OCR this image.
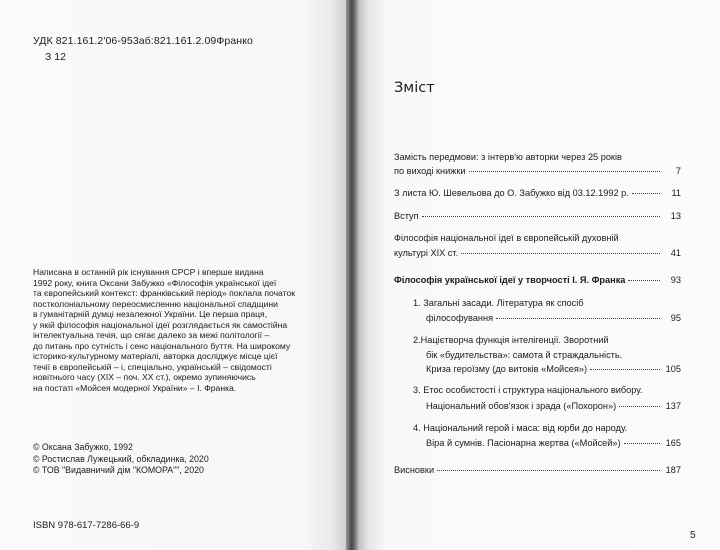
УДК 821.161.2'06-953аб:821.161.2.09Франко
З 12
Написана в останній рік існування СРСР і вперше видана
1992 року, книга Оксани Забужко «Філософія української ідеї
та європейський контекст: франківський період» поклала початок
постколоніальному переосмисленню національної спадщини
в гуманітарній думці незалежної України. Це перша праця,
у якій філософія національної ідеї розглядається як самостійна
інтелектуальна течія, що сягає далеко за межі політології –
до питань про сутність і сенс національного буття. На широкому
історико-культурному матеріалі, авторка досліджує місце цієї
течії в європейській – і, спеціально, українській – свідомості
новітнього часу (XIX – поч. XX ст.), окремо зупиняючись
на постаті «Мойсея модерної України» – І. Франка.
© Оксана Забужко, 1992
© Ростислав Лужецький, обкладинка, 2020
© ТОВ "Видавничий дім "КОМОРА"", 2020
ISBN 978-617-7286-66-9
Зміст
Замість передмови: з інтерв'ю авторки через 25 років
по виході книжки	7
З листа Ю. Шевельова до О. Забужко від 03.12.1992 р.	11
Вступ	13
Філософія національної ідеї в європейській духовній
культурі XIX ст.	41
Філософія української ідеї у творчості І. Я. Франка	93
1. Загальні засади. Література як спосіб
філософування	95
2.Націєтворча функція інтелігенції. Зворотний
бік «будительства»: самота й страждальність.
Криза героїзму (до витоків «Мойсея»)	105
3. Етос особистості і структура національного вибору.
Національний обов'язок і зрада («Похорон»)	137
4. Національний герой і маса: від юрби до народу.
Віра й сумнів. Пасіонарна жертва («Мойсей»)	165
Висновки	187
5
